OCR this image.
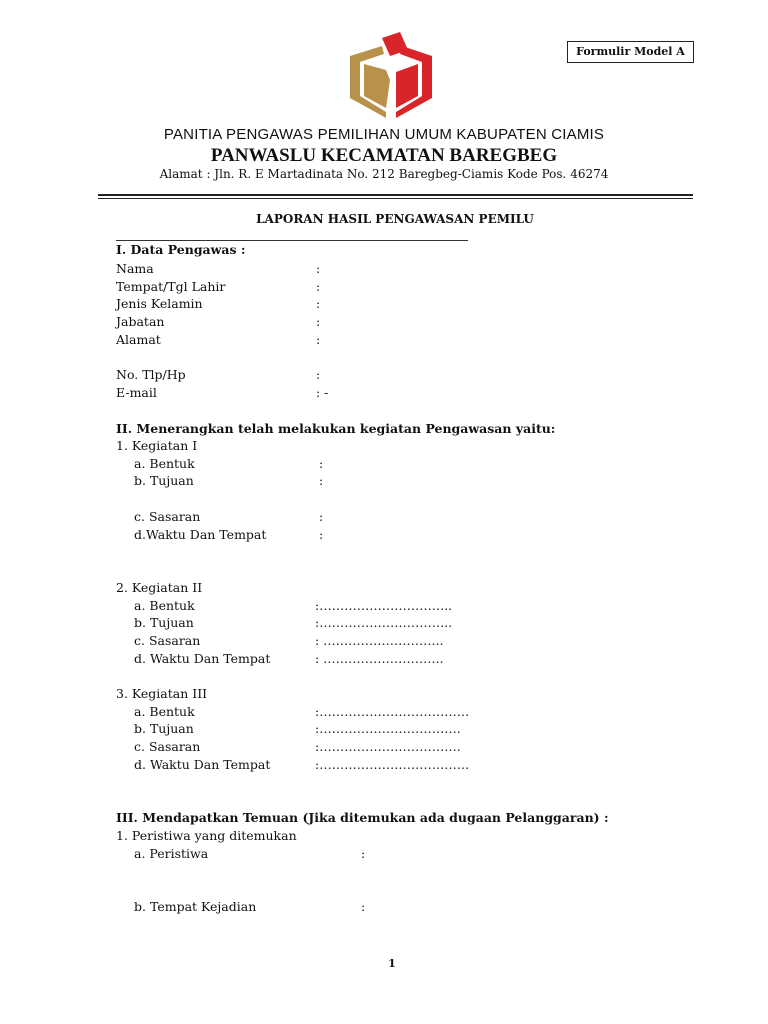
Formulir Model A
PANITIA PENGAWAS PEMILIHAN UMUM KABUPATEN CIAMIS
PANWASLU KECAMATAN BAREGBEG
Alamat : Jln. R. E Martadinata No. 212 Baregbeg-Ciamis Kode Pos. 46274
LAPORAN HASIL PENGAWASAN PEMILU
I. Data Pengawas :
Nama	:
Tempat/Tgl Lahir	:
Jenis Kelamin	:
Jabatan	:
Alamat	:
No. Tlp/Hp	:
E-mail	: -
II. Menerangkan telah melakukan kegiatan Pengawasan yaitu:
1. Kegiatan I
a. Bentuk	:
b. Tujuan	:
c. Sasaran	:
d.Waktu Dan Tempat	:
2. Kegiatan II
a. Bentuk	:…………………………..
b. Tujuan	:…………………………..
c. Sasaran	: ………………………..
d. Waktu Dan Tempat	: ………………………..
3. Kegiatan III
a. Bentuk	:………………………………
b. Tujuan	:…………………………….
c. Sasaran	:…………………………….
d. Waktu Dan Tempat	:………………………………
III. Mendapatkan Temuan (Jika ditemukan ada dugaan Pelanggaran) :
1. Peristiwa yang ditemukan
a. Peristiwa	:
b. Tempat Kejadian	:
1
